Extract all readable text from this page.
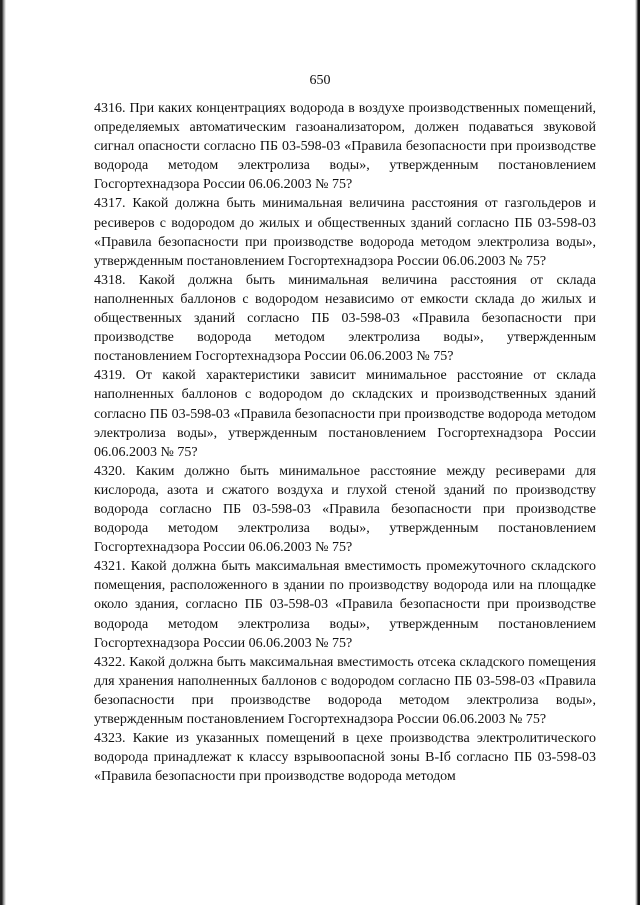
650

4316. При каких концентрациях водорода в воздухе производственных помещений, определяемых автоматическим газоанализатором, должен подаваться звуковой сигнал опасности согласно ПБ 03-598-03 «Правила безопасности при производстве водорода методом электролиза воды», утвержденным постановлением Госгортехнадзора России 06.06.2003 № 75?

4317. Какой должна быть минимальная величина расстояния от газгольдеров и ресиверов с водородом до жилых и общественных зданий согласно ПБ 03-598-03 «Правила безопасности при производстве водорода методом электролиза воды», утвержденным постановлением Госгортехнадзора России 06.06.2003 № 75?

4318. Какой должна быть минимальная величина расстояния от склада наполненных баллонов с водородом независимо от емкости склада до жилых и общественных зданий согласно ПБ 03-598-03 «Правила безопасности при производстве водорода методом электролиза воды», утвержденным постановлением Госгортехнадзора России 06.06.2003 № 75?

4319. От какой характеристики зависит минимальное расстояние от склада наполненных баллонов с водородом до складских и производственных зданий согласно ПБ 03-598-03 «Правила безопасности при производстве водорода методом электролиза воды», утвержденным постановлением Госгортехнадзора России 06.06.2003 № 75?

4320. Каким должно быть минимальное расстояние между ресиверами для кислорода, азота и сжатого воздуха и глухой стеной зданий по производству водорода согласно ПБ 03-598-03 «Правила безопасности при производстве водорода методом электролиза воды», утвержденным постановлением Госгортехнадзора России 06.06.2003 № 75?

4321. Какой должна быть максимальная вместимость промежуточного складского помещения, расположенного в здании по производству водорода или на площадке около здания, согласно ПБ 03-598-03 «Правила безопасности при производстве водорода методом электролиза воды», утвержденным постановлением Госгортехнадзора России 06.06.2003 № 75?

4322. Какой должна быть максимальная вместимость отсека складского помещения для хранения наполненных баллонов с водородом согласно ПБ 03-598-03 «Правила безопасности при производстве водорода методом электролиза воды», утвержденным постановлением Госгортехнадзора России 06.06.2003 № 75?

4323. Какие из указанных помещений в цехе производства электролитического водорода принадлежат к классу взрывоопасной зоны В-Iб согласно ПБ 03-598-03 «Правила безопасности при производстве водорода методом
